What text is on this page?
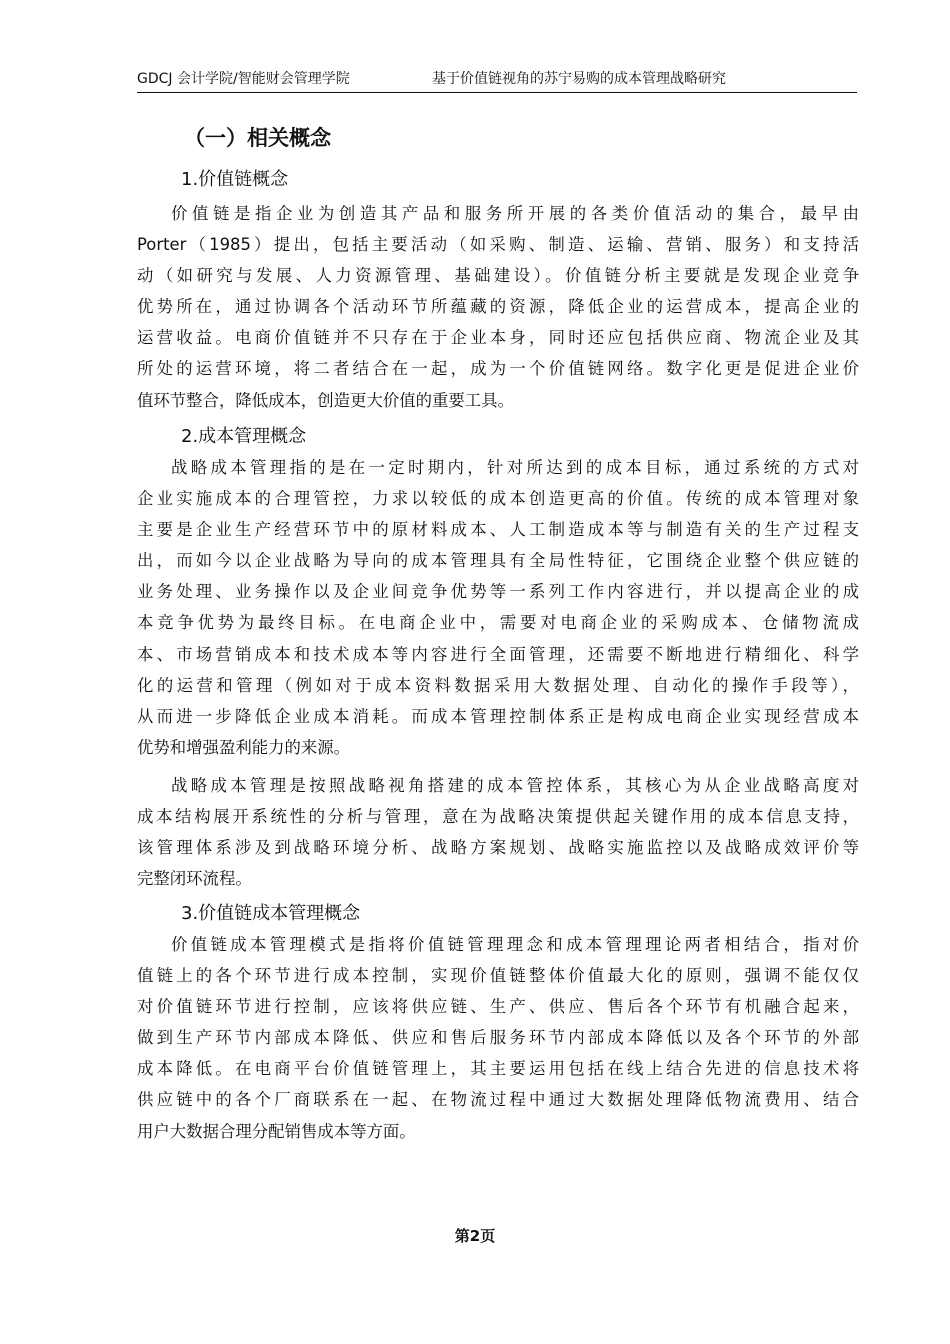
GDCJ 会计学院/智能财会管理学院	基于价值链视角的苏宁易购的成本管理战略研究
（一）相关概念
1.价值链概念
价值链是指企业为创造其产品和服务所开展的各类价值活动的集合，最早由
Porter（1985）提出，包括主要活动（如采购、制造、运输、营销、服务）和支持活
动（如研究与发展、人力资源管理、基础建设）。价值链分析主要就是发现企业竞争
优势所在，通过协调各个活动环节所蕴藏的资源，降低企业的运营成本，提高企业的
运营收益。电商价值链并不只存在于企业本身，同时还应包括供应商、物流企业及其
所处的运营环境，将二者结合在一起，成为一个价值链网络。数字化更是促进企业价
值环节整合，降低成本，创造更大价值的重要工具。
2.成本管理概念
战略成本管理指的是在一定时期内，针对所达到的成本目标，通过系统的方式对
企业实施成本的合理管控，力求以较低的成本创造更高的价值。传统的成本管理对象
主要是企业生产经营环节中的原材料成本、人工制造成本等与制造有关的生产过程支
出，而如今以企业战略为导向的成本管理具有全局性特征，它围绕企业整个供应链的
业务处理、业务操作以及企业间竞争优势等一系列工作内容进行，并以提高企业的成
本竞争优势为最终目标。在电商企业中，需要对电商企业的采购成本、仓储物流成
本、市场营销成本和技术成本等内容进行全面管理，还需要不断地进行精细化、科学
化的运营和管理（例如对于成本资料数据采用大数据处理、自动化的操作手段等），
从而进一步降低企业成本消耗。而成本管理控制体系正是构成电商企业实现经营成本
优势和增强盈利能力的来源。
战略成本管理是按照战略视角搭建的成本管控体系，其核心为从企业战略高度对
成本结构展开系统性的分析与管理，意在为战略决策提供起关键作用的成本信息支持，
该管理体系涉及到战略环境分析、战略方案规划、战略实施监控以及战略成效评价等
完整闭环流程。
3.价值链成本管理概念
价值链成本管理模式是指将价值链管理理念和成本管理理论两者相结合，指对价
值链上的各个环节进行成本控制，实现价值链整体价值最大化的原则，强调不能仅仅
对价值链环节进行控制，应该将供应链、生产、供应、售后各个环节有机融合起来，
做到生产环节内部成本降低、供应和售后服务环节内部成本降低以及各个环节的外部
成本降低。在电商平台价值链管理上，其主要运用包括在线上结合先进的信息技术将
供应链中的各个厂商联系在一起、在物流过程中通过大数据处理降低物流费用、结合
用户大数据合理分配销售成本等方面。
第2页
